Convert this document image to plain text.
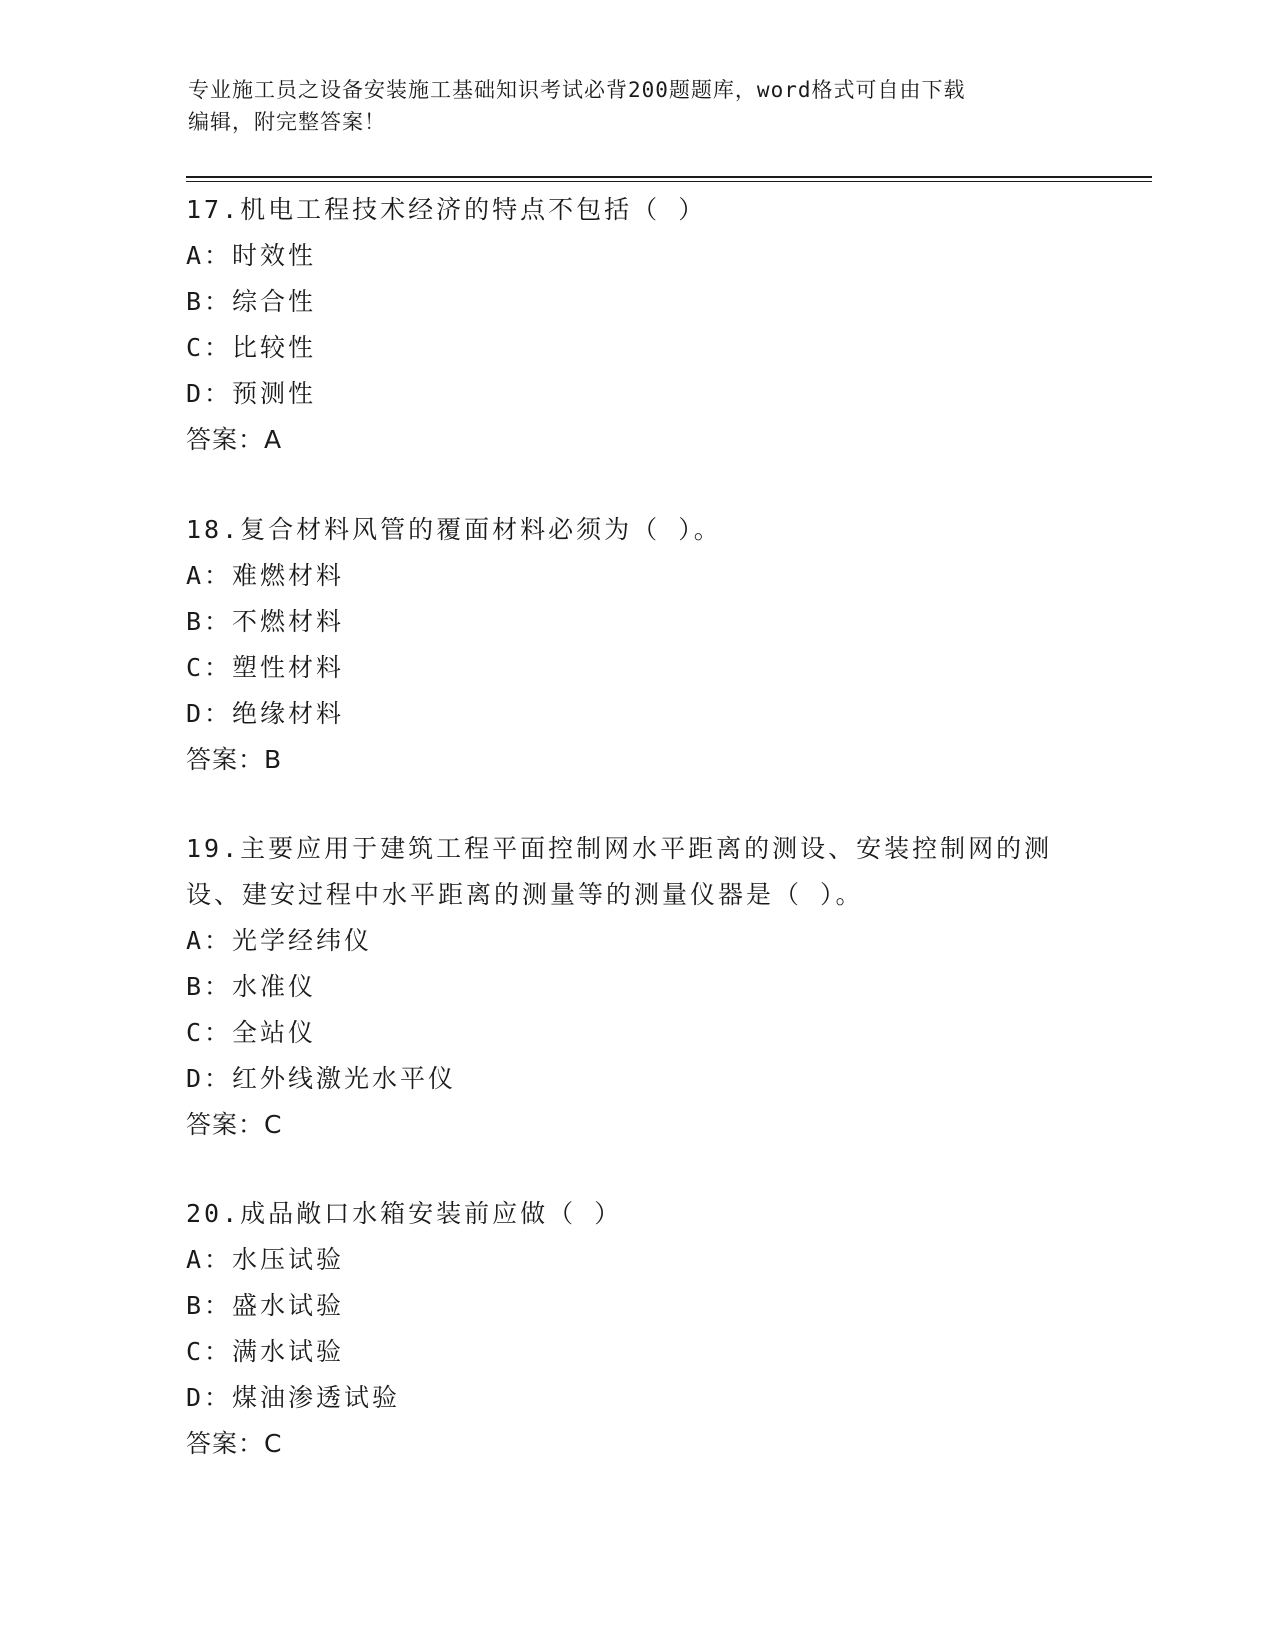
专业施工员之设备安装施工基础知识考试必背200题题库，word格式可自由下载
编辑，附完整答案！
17.机电工程技术经济的特点不包括（ ）
A：时效性
B：综合性
C：比较性
D：预测性
答案：A
18.复合材料风管的覆面材料必须为（ ）。
A：难燃材料
B：不燃材料
C：塑性材料
D：绝缘材料
答案：B
19.主要应用于建筑工程平面控制网水平距离的测设、安装控制网的测
设、建安过程中水平距离的测量等的测量仪器是（ ）。
A：光学经纬仪
B：水准仪
C：全站仪
D：红外线激光水平仪
答案：C
20.成品敞口水箱安装前应做（ ）
A：水压试验
B：盛水试验
C：满水试验
D：煤油渗透试验
答案：C
